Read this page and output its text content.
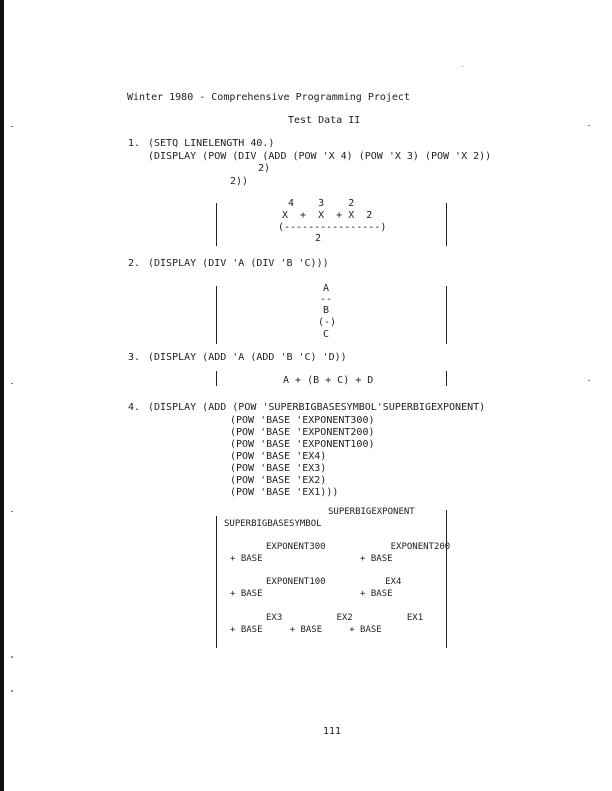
Winter 1980 - Comprehensive Programming Project
Test Data II
1. (SETQ LINELENGTH 40.)
(DISPLAY (POW (DIV (ADD (POW 'X 4) (POW 'X 3) (POW 'X 2))
2)
2))
4    3    2
X  +  X  + X  2
(----------------)
2
2. (DISPLAY (DIV 'A (DIV 'B 'C)))
A
--
B
(-)
C
3. (DISPLAY (ADD 'A (ADD 'B 'C) 'D))
A + (B + C) + D
4. (DISPLAY (ADD (POW 'SUPERBIGBASESYMBOL'SUPERBIGEXPONENT)
(POW 'BASE 'EXPONENT300)
(POW 'BASE 'EXPONENT200)
(POW 'BASE 'EXPONENT100)
(POW 'BASE 'EX4)
(POW 'BASE 'EX3)
(POW 'BASE 'EX2)
(POW 'BASE 'EX1)))
SUPERBIGEXPONENT
SUPERBIGBASESYMBOL
EXPONENT300            EXPONENT200
+ BASE                  + BASE
EXPONENT100           EX4
+ BASE                  + BASE
EX3          EX2          EX1
+ BASE     + BASE     + BASE
111
